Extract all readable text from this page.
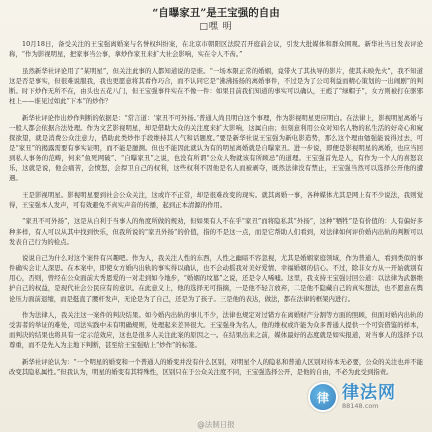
“自曝家丑”是王宝强的自由
□嘿 明

10月18日，备受关注的王宝强离婚案与名誉权纠纷案，在北京市朝阳区法院召开庭前会议，引发大批媒体和群众围观。新华社当日发表评论称，“作为影视明星，把家事当公事，拿炒作家丑来扩大社会影响，实在令人不齿。”

虽然新华社评论用了“某明星”，但关注此事的人都知道说的是谁。“一场本限正常的婚姻，竟带火了其执导的影片，使其未映先火”，我不知道这是否是事实，但很难说服我，我也更愿意将其看作巧合，而不认同它是“沸沸扬扬的离婚事件，不过是为了公司利益而精心策划的一出闹剧”的判断。时下炒作无所不在，由头也五花八门，但王宝强事件实在不像一件：如果目前我们知道的事实可以确认，王彪了“绿帽子”，女方则被打在驱邪柱上——谁见过如此“下本”的炒作？

新华社评论作出炒作判断的依据是：“常言道：‘家丑不可外扬。’普通人尚且明白这个事理，作为影视明星更应明白。在法律上，影视明星离婚与一般人都会依据合法处理。作为文艺影视明星，却是借助大众的关注度来扩大影响，这属自由；但刻意利用公众对知名人物的私生活的好奇心和窥探欲望，就是消费公众注意力，借助此类炒作手段维持其人气和话题度。”要是新华社说王宝强为新电影造势，那么这个理由勉强能说得过去，可是“家丑”的揭露需要有事实证明，而不能是臆测。但也不能因此就认为有的明星离婚就是自曝家丑。进一步说，即便是影视明星的离婚，也应当回到私人事务的范畴，何来“鱼死网破”、“自曝家丑”之说，也没有所谓“公众人物就该有所顾忌”的道理。王宝强首先是人，有作为一个人的喜怒哀乐，这就是说，他会痛苦，会愤怒，会捍卫自己的权利，这些权利不因他是名人而被剥夺，既然法律没有禁止，王宝强当然可以选择公开他的遭遇。

王是影视明星。影视明星要到社会公众关注，这或许不正常，却是很难改变的现实。就其离婚一事，各种媒体尤其是网上有不少说法，我则觉得，王宝强本人发声，可有效避免不真实声音的传播，起到正本清源的作用。

“家丑不可外扬”，这是从自利于当事人的角度所做的规劝，但如果有人不在乎“家丑”而将隐私其“外扬”，这种“牺牲”是有价值的：人有偏好多种多样，有人可以从其中找到快乐，但我所说的“家丑外扬”的价值，指的不是这一点，而是它帮助人们看到，对法律如何评价婚内出轨的判断可以发表自己行为的检点。

说说自己为什么对这个案件有兴趣吧。作为人，我关注人性的东西，人性之幽暗不容忽视，尤其是婚姻家庭领域，作为普通人，看到类似的事件确实会让人深思。在本案中，即使女方婚内出轨的事实得以确认，也不会动摇我对美好爱情、幸福婚姻的信心。不过，除非女方从一开始就别有用心，否则，曾经在公众面前大秀恩爱的一对走到如今地步，“婚姻的坟墓”之说，还是令人唏嘘。这里，我支持王宝强讨回公道：以法律为武器维护自己的权益，是现代社会公民应有的意识。在此意义上，他的选择无可指摘，一是他不轻言放弃，二是他不隐藏自己的真实想法，也不愿意在舆论压力面前退缩，而是挺直了腰杆发声，无论是为了自己，还是为了孩子。三是他的表达，做法，都在法律的框架内进行。

作为法律人，我关注这一案件的判决结果。如今婚内出轨的事儿不少，法律也规定对过错方在离婚财产分割等方面的照顾，但面对婚内出轨的受害者的举证的难处，司法实践中未有明确规则，处理起来差异很大。王宝强身为名人，他的维权或许能为众多普通人提供一个可资借鉴的样本，而判决的结果也将具有一定示范效应，这也是很多人关注此案的原因之一。在结果出来之前，媒体最好的态度就是如实报道，对当事人的选择予以尊重，而不是先入为主地下判断，甚至给王宝强贴上“炒作”的标签。

新华社评论认为：“一个明星的婚变和一个普通人的婚变并没有什么区别，对明星个人的隐私和普通人区别对待本无必要，公众的关注也并不能改变其隐私属性。”但我认为，明星的婚变有其特殊性，区别只在于公众关注度不同，王宝强选择公开，是他的自由，不必为此受到指责。

律 律法网
88148.com
@法制日报
